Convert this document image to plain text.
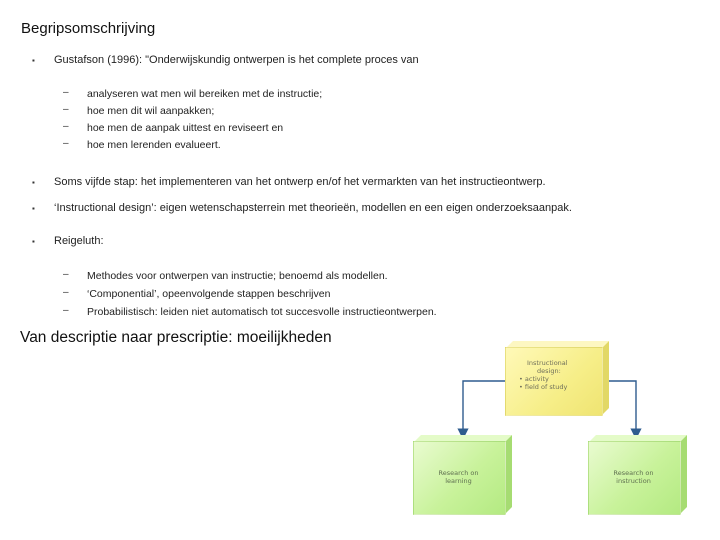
Begripsomschrijving
▪ Gustafson (1996): "Onderwijskundig ontwerpen is het complete proces van
– analyseren wat men wil bereiken met de instructie;
– hoe men dit wil aanpakken;
– hoe men de aanpak uittest en reviseert en
– hoe men lerenden evalueert.
▪ Soms vijfde stap: het implementeren van het ontwerp en/of het vermarkten van het instructieontwerp.
▪ ‘Instructional design’: eigen wetenschapsterrein met theorieën, modellen en een eigen onderzoeksaanpak.
▪ Reigeluth:
– Methodes voor ontwerpen van instructie; benoemd als modellen.
– ‘Componential’, opeenvolgende stappen beschrijven
– Probabilistisch: leiden niet automatisch tot succesvolle instructieontwerpen.
Van descriptie naar prescriptie: moeilijkheden
Instructional
design:
• activity
• field of study
Research on
learning
Research on
instruction
